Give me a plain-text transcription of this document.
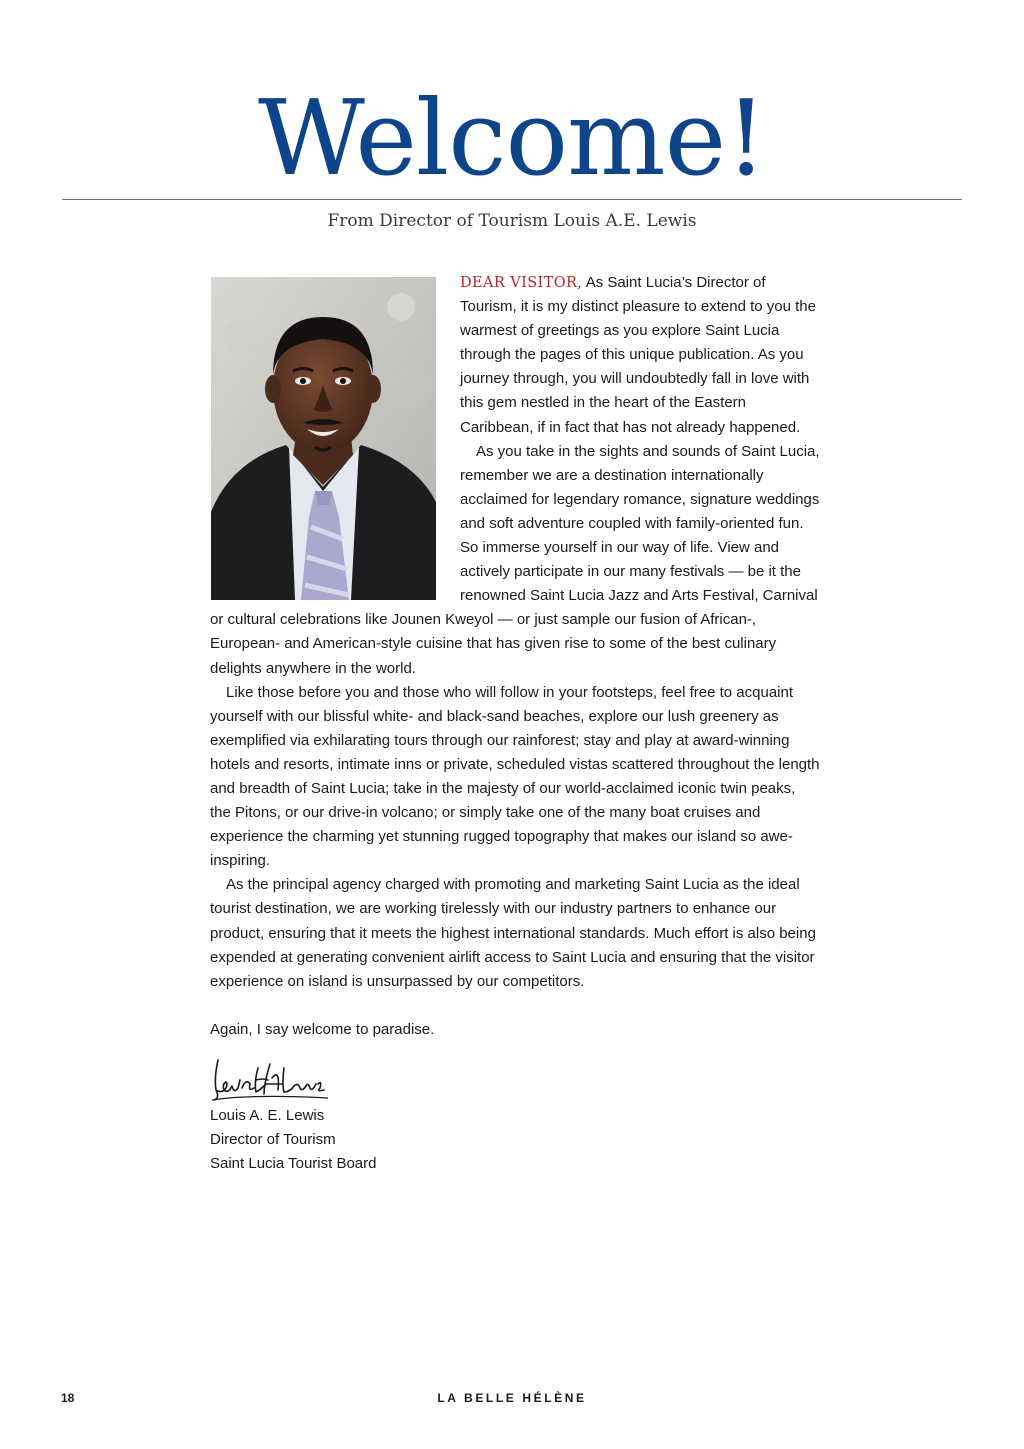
Welcome!
From Director of Tourism Louis A.E. Lewis

DEAR VISITOR, As Saint Lucia’s Director of Tourism, it is my distinct pleasure to extend to you the warmest of greetings as you explore Saint Lucia through the pages of this unique publication. As you journey through, you will undoubtedly fall in love with this gem nestled in the heart of the Eastern Caribbean, if in fact that has not already happened.

As you take in the sights and sounds of Saint Lucia, remember we are a destination internationally acclaimed for legendary romance, signature weddings and soft adventure coupled with family-oriented fun. So immerse yourself in our way of life. View and actively participate in our many festivals — be it the renowned Saint Lucia Jazz and Arts Festival, Carnival or cultural celebrations like Jounen Kweyol — or just sample our fusion of African-, European- and American-style cuisine that has given rise to some of the best culinary delights anywhere in the world.

Like those before you and those who will follow in your footsteps, feel free to acquaint yourself with our blissful white- and black-sand beaches, explore our lush greenery as exemplified via exhilarating tours through our rainforest; stay and play at award-winning hotels and resorts, intimate inns or private, scheduled vistas scattered throughout the length and breadth of Saint Lucia; take in the majesty of our world-acclaimed iconic twin peaks, the Pitons, or our drive-in volcano; or simply take one of the many boat cruises and experience the charming yet stunning rugged topography that makes our island so awe-inspiring.

As the principal agency charged with promoting and marketing Saint Lucia as the ideal tourist destination, we are working tirelessly with our industry partners to enhance our product, ensuring that it meets the highest international standards. Much effort is also being expended at generating convenient airlift access to Saint Lucia and ensuring that the visitor experience on island is unsurpassed by our competitors.

Again, I say welcome to paradise.

Louis A. E. Lewis

Director of Tourism

Saint Lucia Tourist Board

18	LA BELLE HÉLÈNE
